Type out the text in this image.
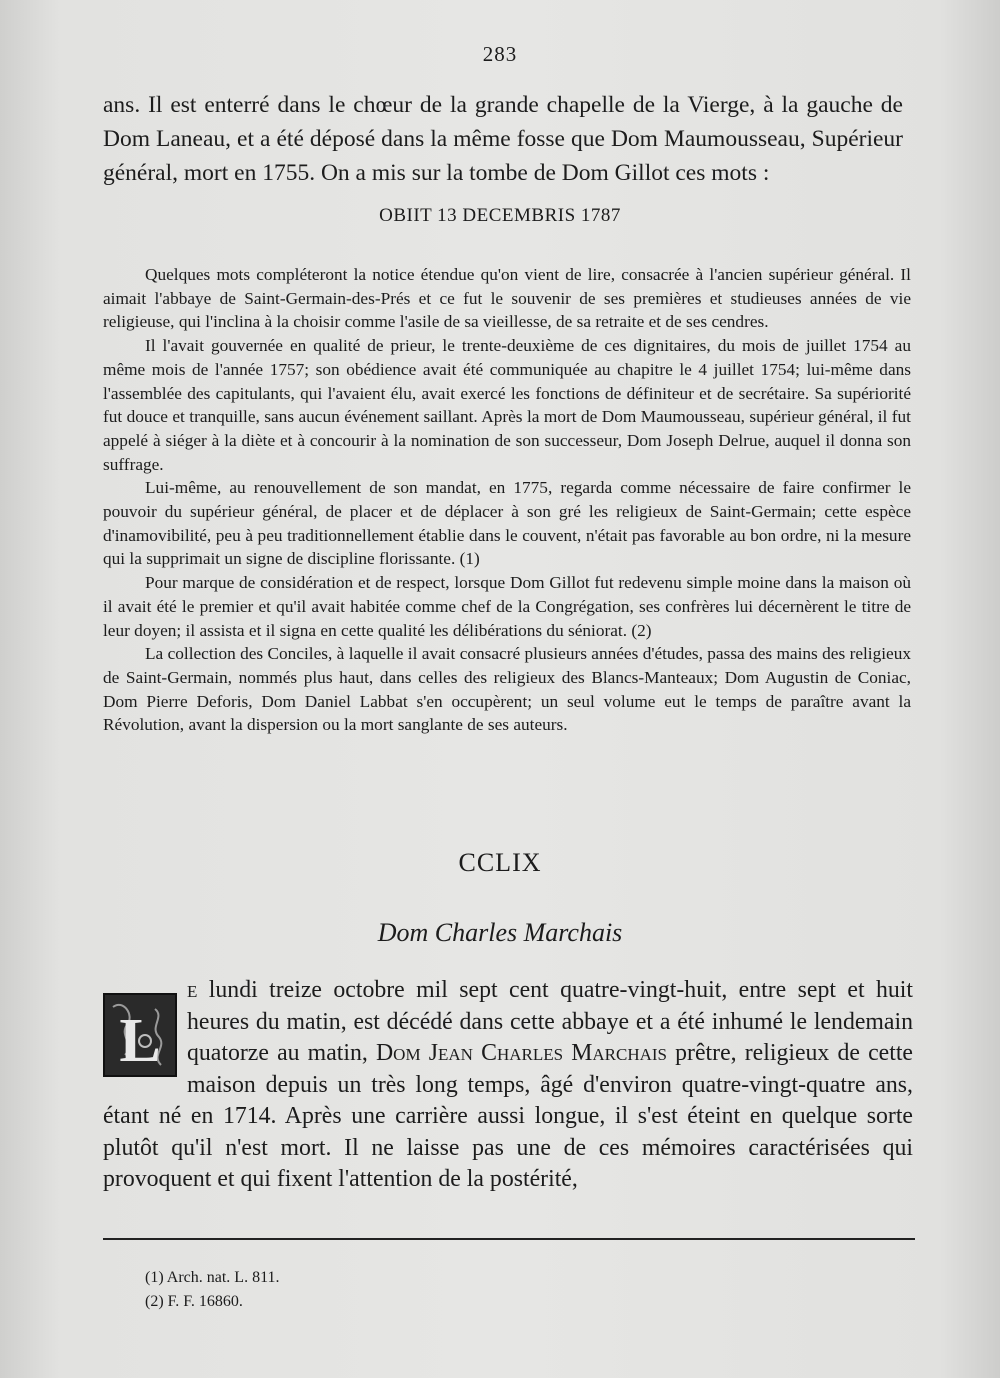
283
ans. Il est enterré dans le chœur de la grande chapelle de la Vierge, à la gauche de Dom Laneau, et a été déposé dans la même fosse que Dom Maumousseau, Supérieur général, mort en 1755. On a mis sur la tombe de Dom Gillot ces mots :
OBIIT 13 DECEMBRIS 1787

Quelques mots compléteront la notice étendue qu'on vient de lire, consacrée à l'ancien supérieur général. Il aimait l'abbaye de Saint-Germain-des-Prés et ce fut le souvenir de ses premières et studieuses années de vie religieuse, qui l'inclina à la choisir comme l'asile de sa vieillesse, de sa retraite et de ses cendres.

Il l'avait gouvernée en qualité de prieur, le trente-deuxième de ces dignitaires, du mois de juillet 1754 au même mois de l'année 1757; son obédience avait été communiquée au chapitre le 4 juillet 1754; lui-même dans l'assemblée des capitulants, qui l'avaient élu, avait exercé les fonctions de définiteur et de secrétaire. Sa supériorité fut douce et tranquille, sans aucun événement saillant. Après la mort de Dom Maumousseau, supérieur général, il fut appelé à siéger à la diète et à concourir à la nomination de son successeur, Dom Joseph Delrue, auquel il donna son suffrage.

Lui-même, au renouvellement de son mandat, en 1775, regarda comme nécessaire de faire confirmer le pouvoir du supérieur général, de placer et de déplacer à son gré les religieux de Saint-Germain; cette espèce d'inamovibilité, peu à peu traditionnellement établie dans le couvent, n'était pas favorable au bon ordre, ni la mesure qui la supprimait un signe de discipline florissante. (1)

Pour marque de considération et de respect, lorsque Dom Gillot fut redevenu simple moine dans la maison où il avait été le premier et qu'il avait habitée comme chef de la Congrégation, ses confrères lui décernèrent le titre de leur doyen; il assista et il signa en cette qualité les délibérations du séniorat. (2)

La collection des Conciles, à laquelle il avait consacré plusieurs années d'études, passa des mains des religieux de Saint-Germain, nommés plus haut, dans celles des religieux des Blancs-Manteaux; Dom Augustin de Coniac, Dom Pierre Deforis, Dom Daniel Labbat s'en occupèrent; un seul volume eut le temps de paraître avant la Révolution, avant la dispersion ou la mort sanglante de ses auteurs.

CCLIX
Dom Charles Marchais
L
e lundi treize octobre mil sept cent quatre-vingt-huit, entre sept et huit heures du matin, est décédé dans cette abbaye et a été inhumé le lendemain quatorze au matin, Dom Jean Charles Marchais prêtre, religieux de cette maison depuis un très long temps, âgé d'environ quatre-vingt-quatre ans, étant né en 1714. Après une carrière aussi longue, il s'est éteint en quelque sorte plutôt qu'il n'est mort. Il ne laisse pas une de ces mémoires caractérisées qui provoquent et qui fixent l'attention de la postérité,
(1) Arch. nat. L. 811.
(2) F. F. 16860.
